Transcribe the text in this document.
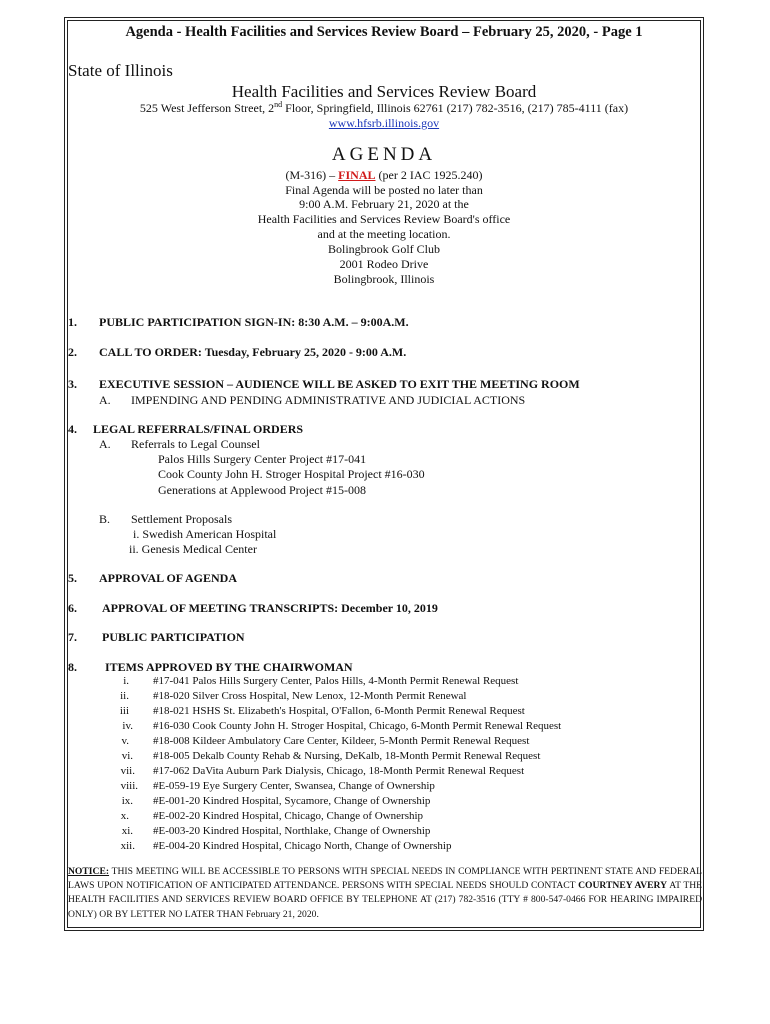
Agenda - Health Facilities and Services Review Board – February 25, 2020, - Page 1
State of Illinois
Health Facilities and Services Review Board
525 West Jefferson Street, 2nd Floor, Springfield, Illinois 62761 (217) 782-3516, (217) 785-4111 (fax)
www.hfsrb.illinois.gov
AGENDA
(M-316) – FINAL (per 2 IAC 1925.240)
Final Agenda will be posted no later than
9:00 A.M. February 21, 2020 at the
Health Facilities and Services Review Board's office
and at the meeting location.
Bolingbrook Golf Club
2001 Rodeo Drive
Bolingbrook, Illinois
1. PUBLIC PARTICIPATION SIGN-IN: 8:30 A.M. – 9:00A.M.
2. CALL TO ORDER: Tuesday, February 25, 2020 - 9:00 A.M.
3. EXECUTIVE SESSION – AUDIENCE WILL BE ASKED TO EXIT THE MEETING ROOM
A. IMPENDING AND PENDING ADMINISTRATIVE AND JUDICIAL ACTIONS
4. LEGAL REFERRALS/FINAL ORDERS
A. Referrals to Legal Counsel
Palos Hills Surgery Center Project #17-041
Cook County John H. Stroger Hospital Project #16-030
Generations at Applewood Project #15-008
B. Settlement Proposals
i. Swedish American Hospital
ii. Genesis Medical Center
5. APPROVAL OF AGENDA
6. APPROVAL OF MEETING TRANSCRIPTS: December 10, 2019
7. PUBLIC PARTICIPATION
8. ITEMS APPROVED BY THE CHAIRWOMAN
i. #17-041 Palos Hills Surgery Center, Palos Hills, 4-Month Permit Renewal Request
ii. #18-020 Silver Cross Hospital, New Lenox, 12-Month Permit Renewal
iii #18-021 HSHS St. Elizabeth's Hospital, O'Fallon, 6-Month Permit Renewal Request
iv. #16-030 Cook County John H. Stroger Hospital, Chicago, 6-Month Permit Renewal Request
v. #18-008 Kildeer Ambulatory Care Center, Kildeer, 5-Month Permit Renewal Request
vi. #18-005 Dekalb County Rehab & Nursing, DeKalb, 18-Month Permit Renewal Request
vii. #17-062 DaVita Auburn Park Dialysis, Chicago, 18-Month Permit Renewal Request
viii. #E-059-19 Eye Surgery Center, Swansea, Change of Ownership
ix. #E-001-20 Kindred Hospital, Sycamore, Change of Ownership
x. #E-002-20 Kindred Hospital, Chicago, Change of Ownership
xi. #E-003-20 Kindred Hospital, Northlake, Change of Ownership
xii. #E-004-20 Kindred Hospital, Chicago North, Change of Ownership
NOTICE: THIS MEETING WILL BE ACCESSIBLE TO PERSONS WITH SPECIAL NEEDS IN COMPLIANCE WITH PERTINENT STATE AND FEDERAL LAWS UPON NOTIFICATION OF ANTICIPATED ATTENDANCE. PERSONS WITH SPECIAL NEEDS SHOULD CONTACT COURTNEY AVERY AT THE HEALTH FACILITIES AND SERVICES REVIEW BOARD OFFICE BY TELEPHONE AT (217) 782-3516 (TTY # 800-547-0466 FOR HEARING IMPAIRED ONLY) OR BY LETTER NO LATER THAN February 21, 2020.
